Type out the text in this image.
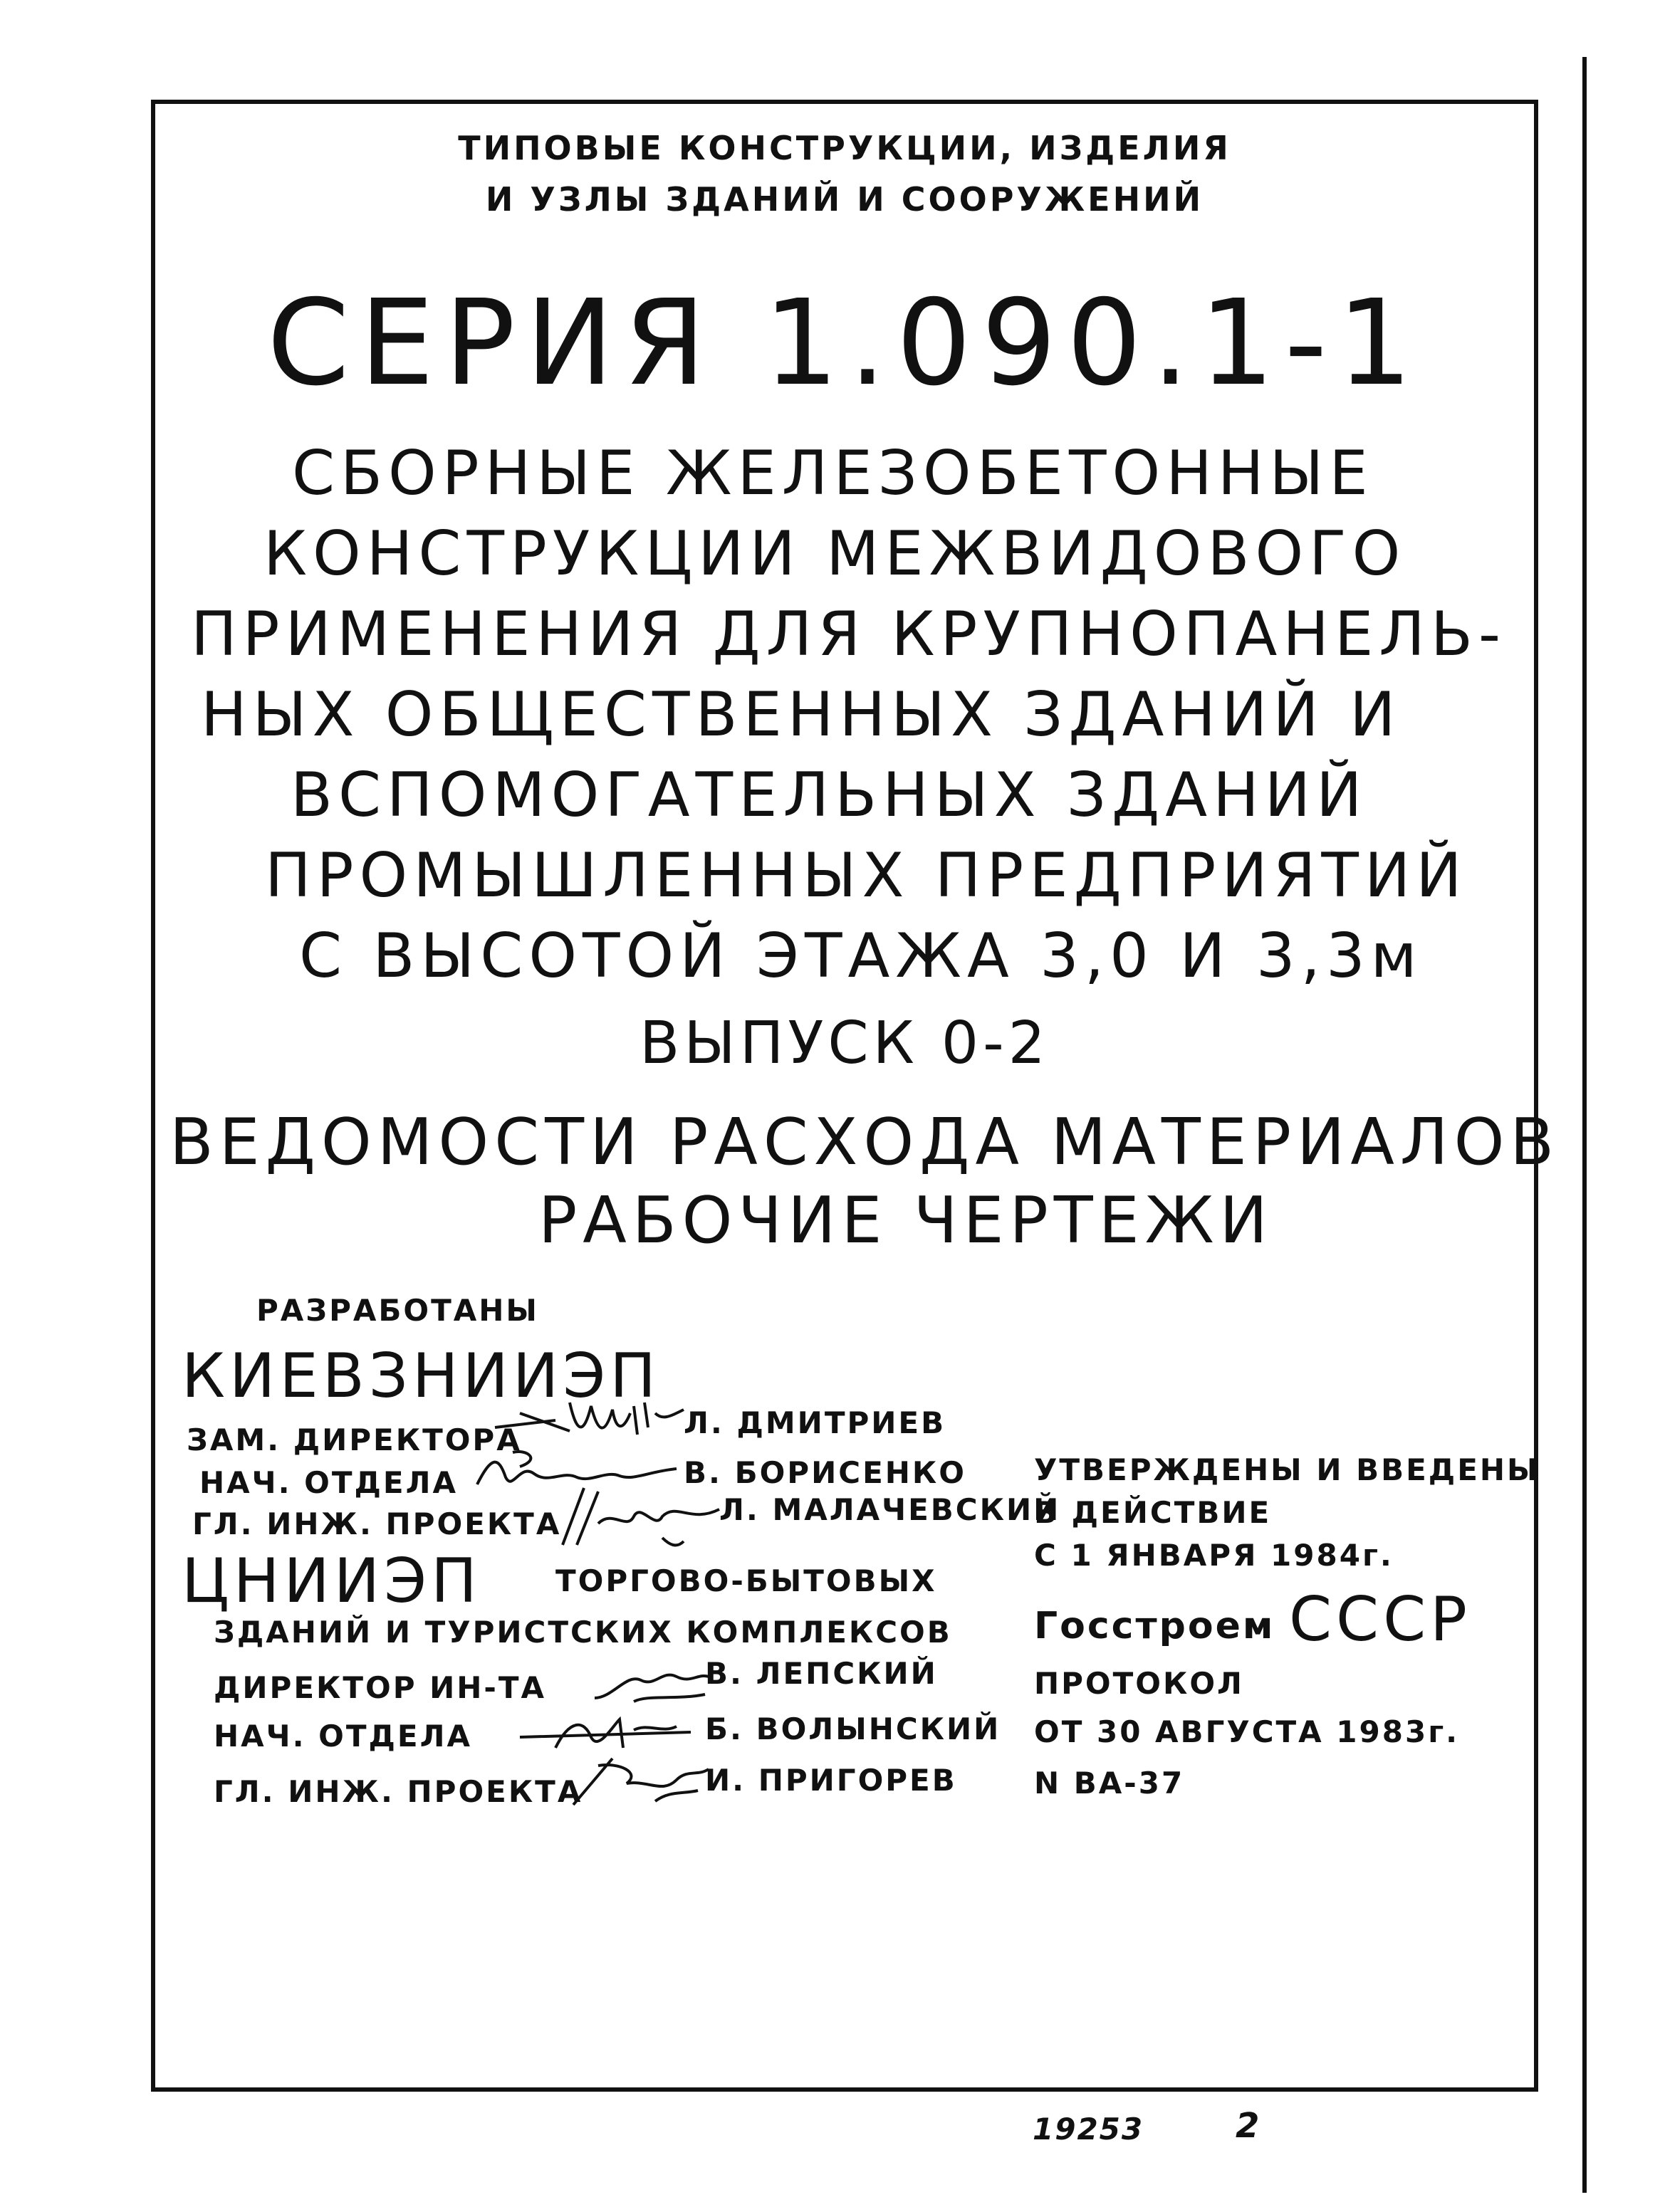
ТИПОВЫЕ КОНСТРУКЦИИ, ИЗДЕЛИЯ
И УЗЛЫ ЗДАНИЙ И СООРУЖЕНИЙ
СЕРИЯ 1.090.1-1
СБОРНЫЕ ЖЕЛЕЗОБЕТОННЫЕ
КОНСТРУКЦИИ МЕЖВИДОВОГО
ПРИМЕНЕНИЯ ДЛЯ КРУПНОПАНЕЛЬ-
НЫХ ОБЩЕСТВЕННЫХ ЗДАНИЙ И
ВСПОМОГАТЕЛЬНЫХ ЗДАНИЙ
ПРОМЫШЛЕННЫХ ПРЕДПРИЯТИЙ
С ВЫСОТОЙ ЭТАЖА 3,0 И 3,3м
ВЫПУСК 0-2
ВЕДОМОСТИ РАСХОДА МАТЕРИАЛОВ
РАБОЧИЕ ЧЕРТЕЖИ
РАЗРАБОТАНЫ
КИЕВЗНИИЭП
ЗАМ. ДИРЕКТОРА	Л. ДМИТРИЕВ
НАЧ. ОТДЕЛА	В. БОРИСЕНКО
ГЛ. ИНЖ. ПРОЕКТА	Л. МАЛАЧЕВСКИЙ
УТВЕРЖДЕНЫ И ВВЕДЕНЫ
В ДЕЙСТВИЕ
С 1 ЯНВАРЯ 1984г.
Госстроем СССР
ПРОТОКОЛ
ОТ 30 АВГУСТА 1983г.
N ВА-37
ЦНИИЭП ТОРГОВО-БЫТОВЫХ
ЗДАНИЙ И ТУРИСТСКИХ КОМПЛЕКСОВ
ДИРЕКТОР ИН-ТА	В. ЛЕПСКИЙ
НАЧ. ОТДЕЛА	Б. ВОЛЫНСКИЙ
ГЛ. ИНЖ. ПРОЕКТА	И. ПРИГОРЕВ
19253	2
